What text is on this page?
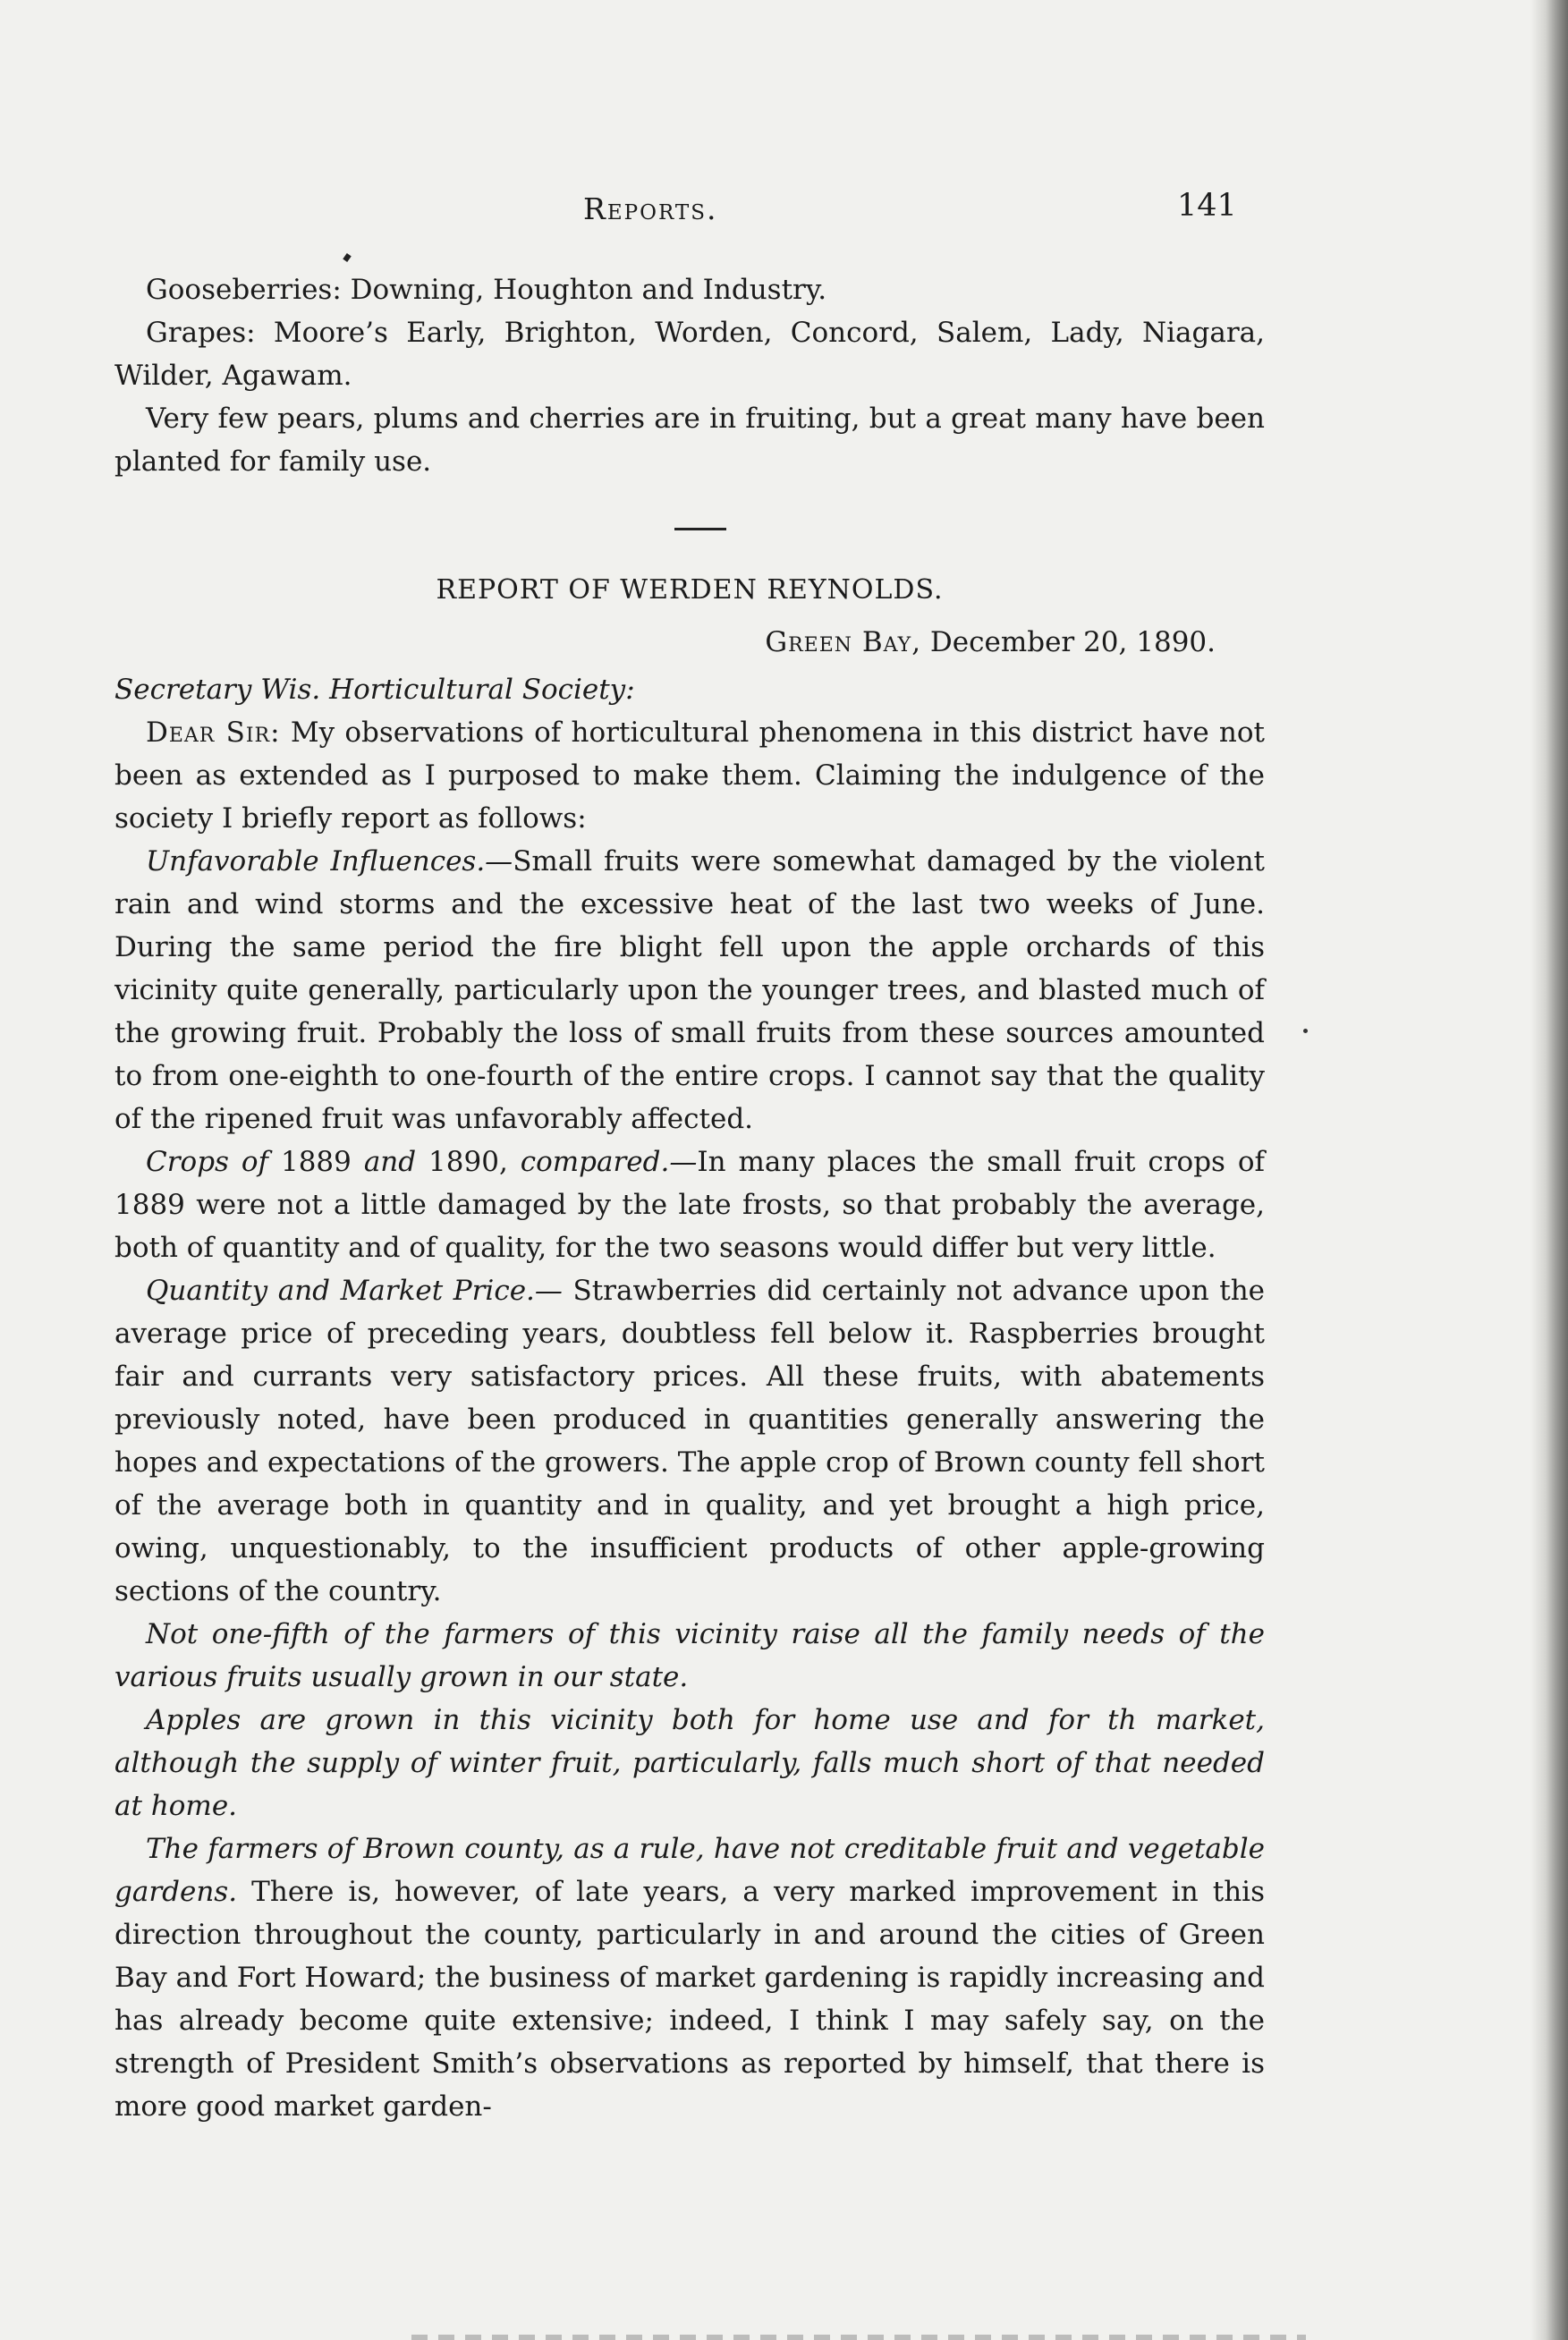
Reports.	141

Gooseberries: Downing, Houghton and Industry.

Grapes: Moore’s Early, Brighton, Worden, Concord, Salem, Lady, Niagara, Wilder, Agawam.

Very few pears, plums and cherries are in fruiting, but a great many have been planted for family use.

REPORT OF WERDEN REYNOLDS.

Green Bay, December 20, 1890.

Secretary Wis. Horticultural Society:

Dear Sir: My observations of horticultural phenomena in this district have not been as extended as I purposed to make them. Claiming the indulgence of the society I briefly report as follows:

Unfavorable Influences.—Small fruits were somewhat damaged by the violent rain and wind storms and the excessive heat of the last two weeks of June. During the same period the fire blight fell upon the apple orchards of this vicinity quite generally, particularly upon the younger trees, and blasted much of the growing fruit. Probably the loss of small fruits from these sources amounted to from one-eighth to one-fourth of the entire crops. I cannot say that the quality of the ripened fruit was unfavorably affected.

Crops of 1889 and 1890, compared.—In many places the small fruit crops of 1889 were not a little damaged by the late frosts, so that probably the average, both of quantity and of quality, for the two seasons would differ but very little.

Quantity and Market Price.— Strawberries did certainly not advance upon the average price of preceding years, doubtless fell below it. Raspberries brought fair and currants very satisfactory prices. All these fruits, with abatements previously noted, have been produced in quantities generally answering the hopes and expectations of the growers. The apple crop of Brown county fell short of the average both in quantity and in quality, and yet brought a high price, owing, unquestionably, to the insufficient products of other apple-growing sections of the country.

Not one-fifth of the farmers of this vicinity raise all the family needs of the various fruits usually grown in our state.

Apples are grown in this vicinity both for home use and for th market, although the supply of winter fruit, particularly, falls much short of that needed at home.

The farmers of Brown county, as a rule, have not creditable fruit and vegetable gardens. There is, however, of late years, a very marked improvement in this direction throughout the county, particularly in and around the cities of Green Bay and Fort Howard; the business of market gardening is rapidly increasing and has already become quite extensive; indeed, I think I may safely say, on the strength of President Smith’s observations as reported by himself, that there is more good market garden-
